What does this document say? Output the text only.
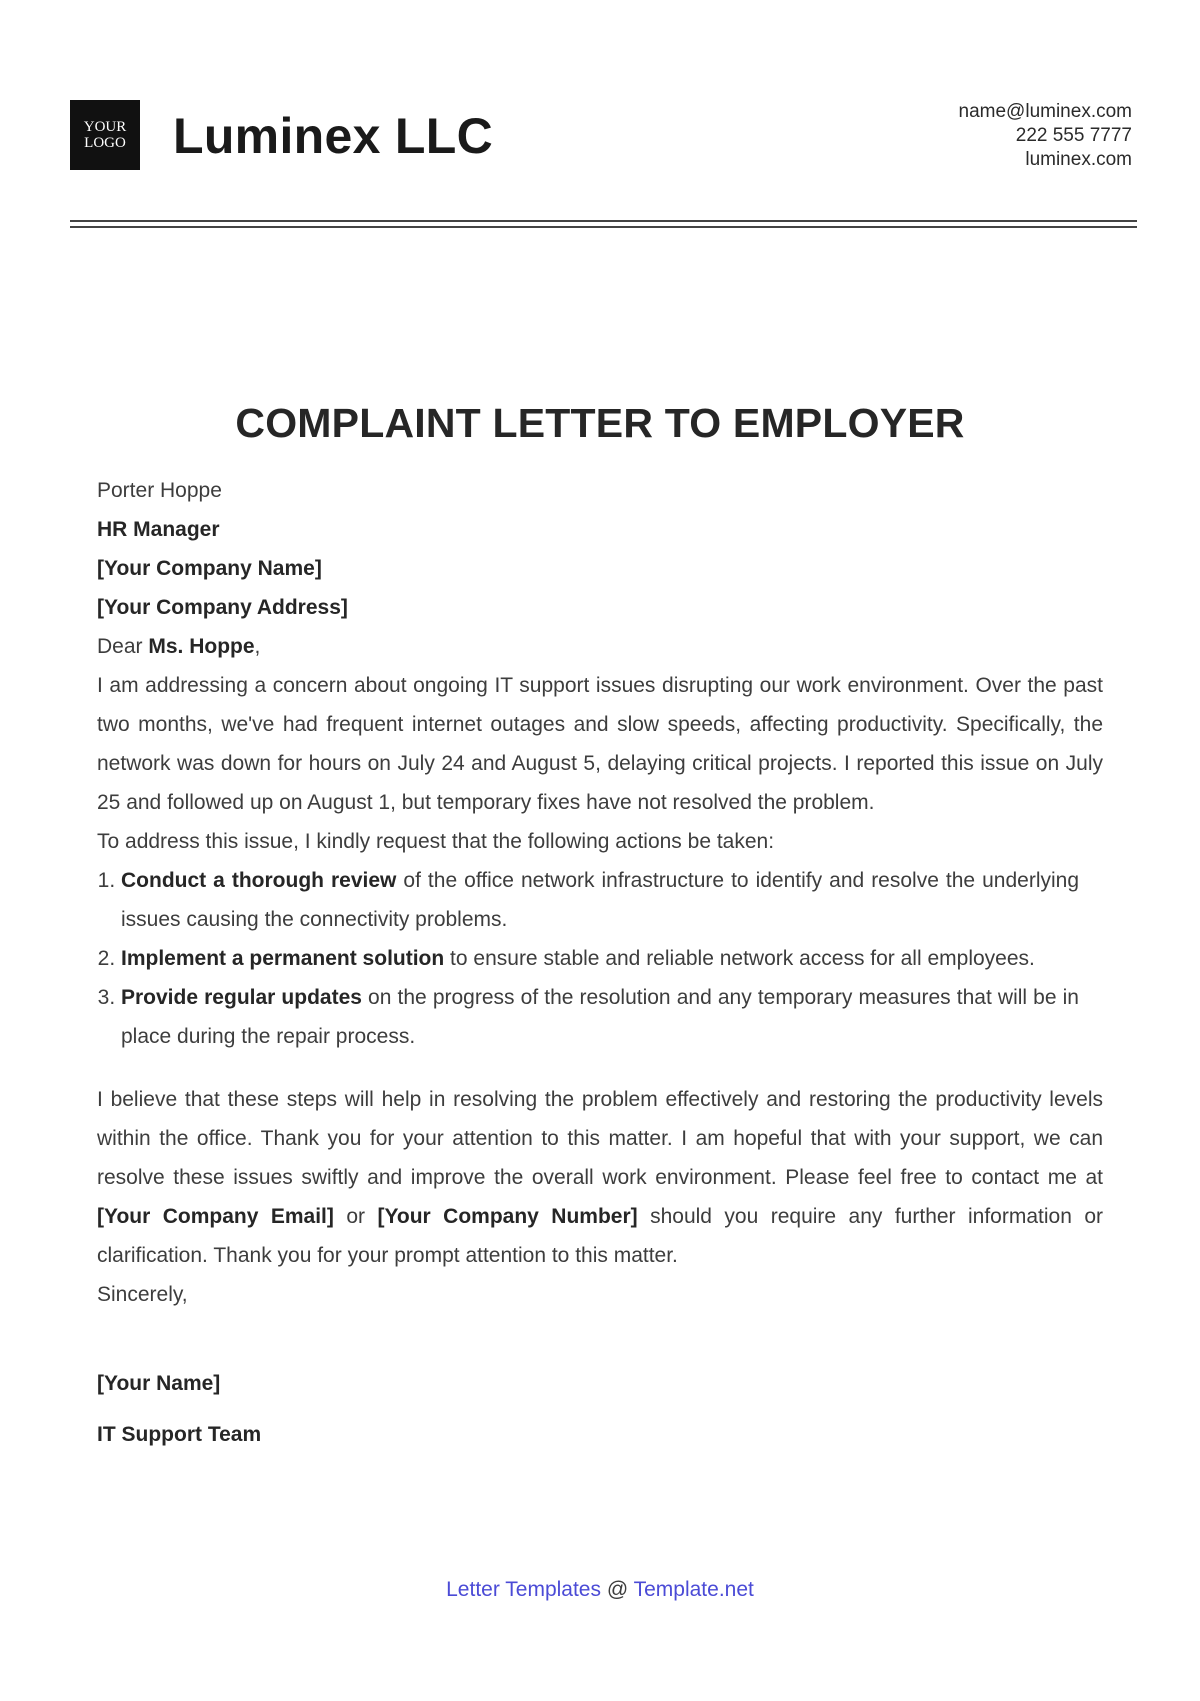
YOUR
LOGO Luminex LLC	name@luminex.com
222 555 7777
luminex.com
COMPLAINT LETTER TO EMPLOYER

Porter Hoppe

HR Manager

[Your Company Name]

[Your Company Address]

Dear Ms. Hoppe,

I am addressing a concern about ongoing IT support issues disrupting our work environment. Over the past two months, we've had frequent internet outages and slow speeds, affecting productivity. Specifically, the network was down for hours on July 24 and August 5, delaying critical projects. I reported this issue on July 25 and followed up on August 1, but temporary fixes have not resolved the problem.

To address this issue, I kindly request that the following actions be taken:

1. Conduct a thorough review of the office network infrastructure to identify and resolve the underlying issues causing the connectivity problems.
2. Implement a permanent solution to ensure stable and reliable network access for all employees.
3. Provide regular updates on the progress of the resolution and any temporary measures that will be in place during the repair process.

I believe that these steps will help in resolving the problem effectively and restoring the productivity levels within the office. Thank you for your attention to this matter. I am hopeful that with your support, we can resolve these issues swiftly and improve the overall work environment. Please feel free to contact me at [Your Company Email] or [Your Company Number] should you require any further information or clarification. Thank you for your prompt attention to this matter.

Sincerely,

[Your Name]

IT Support Team

Letter Templates @ Template.net
